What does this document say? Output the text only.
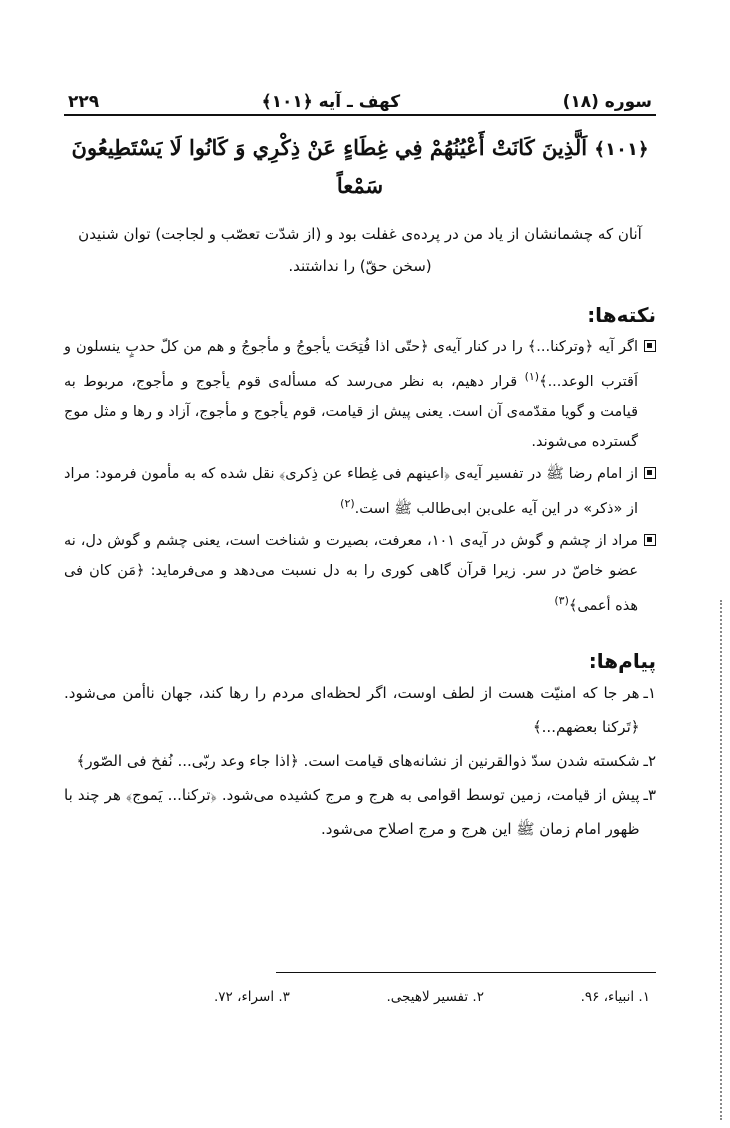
سوره (۱۸)
کهف ـ آیه ﴿۱۰۱﴾
۲۲۹
﴿۱۰۱﴾ اَلَّذِينَ كَانَتْ أَعْيُنُهُمْ فِي غِطَاءٍ عَنْ ذِكْرِي وَ كَانُوا لَا يَسْتَطِيعُونَ سَمْعاً
آنان که چشمانشان از یاد من در پرده‌ی غفلت بود و (از شدّت تعصّب و لجاجت) توان شنیدن (سخن حقّ) را نداشتند.
نکته‌ها:

اگر آیه ﴿وترکنا...﴾ را در کنار آیه‌ی ﴿حتّی اذا فُتِحَت یأجوجُ و مأجوجُ و هم من کلّ حدبٍ ینسلون و اَقترب الوعد...﴾$^{(۱)}$ قرار دهیم، به نظر می‌رسد که مسأله‌ی قوم یأجوج و مأجوج، مربوط به قیامت و گویا مقدّمه‌ی آن است. یعنی پیش از قیامت، قوم یأجوج و مأجوج، آزاد و رها و مثل موج گسترده می‌شوند.

از امام رضا ﷺ در تفسیر آیه‌ی ﴿اعینهم فی غِطاء عن ذِکری﴾ نقل شده که به مأمون فرمود: مراد از «ذکر» در این آیه علی‌بن ابی‌طالب ﷺ است.$^{(۲)}$

مراد از چشم و گوش در آیه‌ی ۱۰۱، معرفت، بصیرت و شناخت است، یعنی چشم و گوش دل، نه عضو خاصّ در سر. زیرا قرآن گاهی کوری را به دل نسبت می‌دهد و می‌فرماید: ﴿مَن کان فی هذه أعمی﴾$^{(۳)}$

پیام‌ها:
۱ـ
هر جا که امنیّت هست از لطف اوست، اگر لحظه‌ای مردم را رها کند، جهان ناأمن می‌شود. ﴿تَرکنا بعضهم...﴾
۲ـ
شکسته شدن سدّ ذوالقرنین از نشانه‌های قیامت است. ﴿اذا جاء وعد ربّی... نُفخ فی الصّور﴾
۳ـ
پیش از قیامت، زمین توسط اقوامی به هرج و مرج کشیده می‌شود. ﴿ترکنا... یَموج﴾ هر چند با ظهور امام زمان ﷺ این هرج و مرج اصلاح می‌شود.
۱. انبیاء، ۹۶.
۲. تفسیر لاهیجی.
۳. اسراء، ۷۲.
